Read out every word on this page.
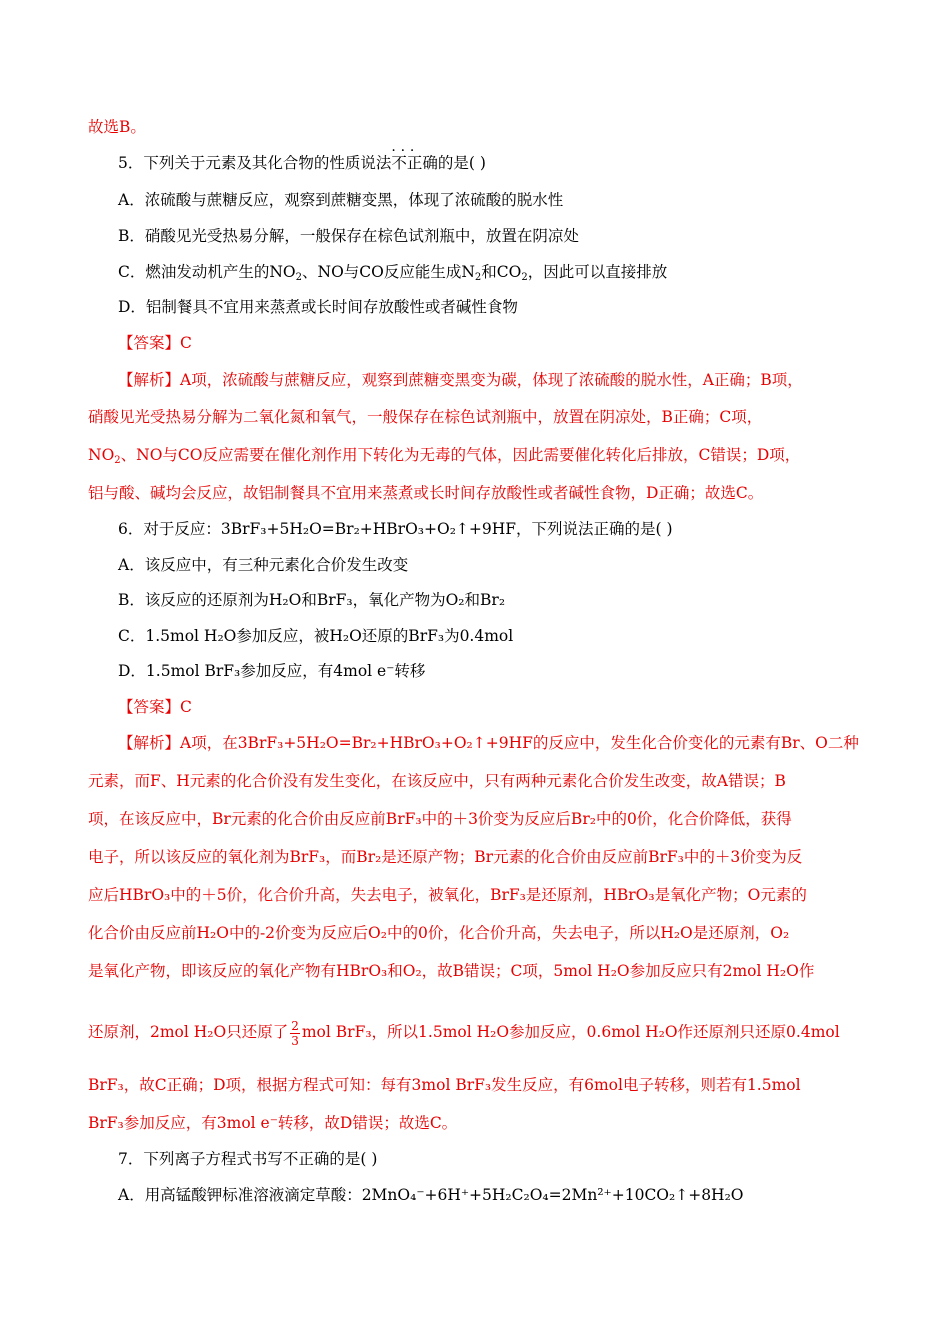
故选B。
5．下列关于元素及其化合物的性质说法· · · 不正确的是( )
A．浓硫酸与蔗糖反应，观察到蔗糖变黑，体现了浓硫酸的脱水性
B．硝酸见光受热易分解，一般保存在棕色试剂瓶中，放置在阴凉处
C．燃油发动机产生的$NO_2$、NO与CO反应能生成$N_2$和$CO_2$，因此可以直接排放
D．铝制餐具不宜用来蒸煮或长时间存放酸性或者碱性食物
【答案】C
【解析】A项，浓硫酸与蔗糖反应，观察到蔗糖变黑变为碳，体现了浓硫酸的脱水性，A正确；B项，
硝酸见光受热易分解为二氧化氮和氧气，一般保存在棕色试剂瓶中，放置在阴凉处，B正确；C项，
$NO_2$、NO与CO反应需要在催化剂作用下转化为无毒的气体，因此需要催化转化后排放，C错误；D项，
铝与酸、碱均会反应，故铝制餐具不宜用来蒸煮或长时间存放酸性或者碱性食物，D正确；故选C。
6．对于反应：3BrF₃+5H₂O=Br₂+HBrO₃+O₂↑+9HF，下列说法正确的是( )
A．该反应中，有三种元素化合价发生改变
B．该反应的还原剂为H₂O和BrF₃，氧化产物为O₂和Br₂
C．1.5mol H₂O参加反应，被H₂O还原的BrF₃为0.4mol
D．1.5mol BrF₃参加反应，有4mol e⁻转移
【答案】C
【解析】A项，在3BrF₃+5H₂O=Br₂+HBrO₃+O₂↑+9HF的反应中，发生化合价变化的元素有Br、O二种
元素，而F、H元素的化合价没有发生变化，在该反应中，只有两种元素化合价发生改变，故A错误；B
项，在该反应中，Br元素的化合价由反应前BrF₃中的＋3价变为反应后Br₂中的0价，化合价降低，获得
电子，所以该反应的氧化剂为BrF₃，而Br₂是还原产物；Br元素的化合价由反应前BrF₃中的＋3价变为反
应后HBrO₃中的＋5价，化合价升高，失去电子，被氧化，BrF₃是还原剂，HBrO₃是氧化产物；O元素的
化合价由反应前H₂O中的-2价变为反应后O₂中的0价，化合价升高，失去电子，所以H₂O是还原剂，O₂
是氧化产物，即该反应的氧化产物有HBrO₃和O₂，故B错误；C项，5mol H₂O参加反应只有2mol H₂O作
还原剂，2mol H₂O只还原了 $\frac{2}{3}$ mol BrF₃，所以1.5mol H₂O参加反应，0.6mol H₂O作还原剂只还原0.4mol
BrF₃，故C正确；D项，根据方程式可知：每有3mol BrF₃发生反应，有6mol电子转移，则若有1.5mol
BrF₃参加反应，有3mol e⁻转移，故D错误；故选C。
7．下列离子方程式书写不正确的是( )
A．用高锰酸钾标准溶液滴定草酸：2MnO₄⁻+6H⁺+5H₂C₂O₄=2Mn²⁺+10CO₂↑+8H₂O
